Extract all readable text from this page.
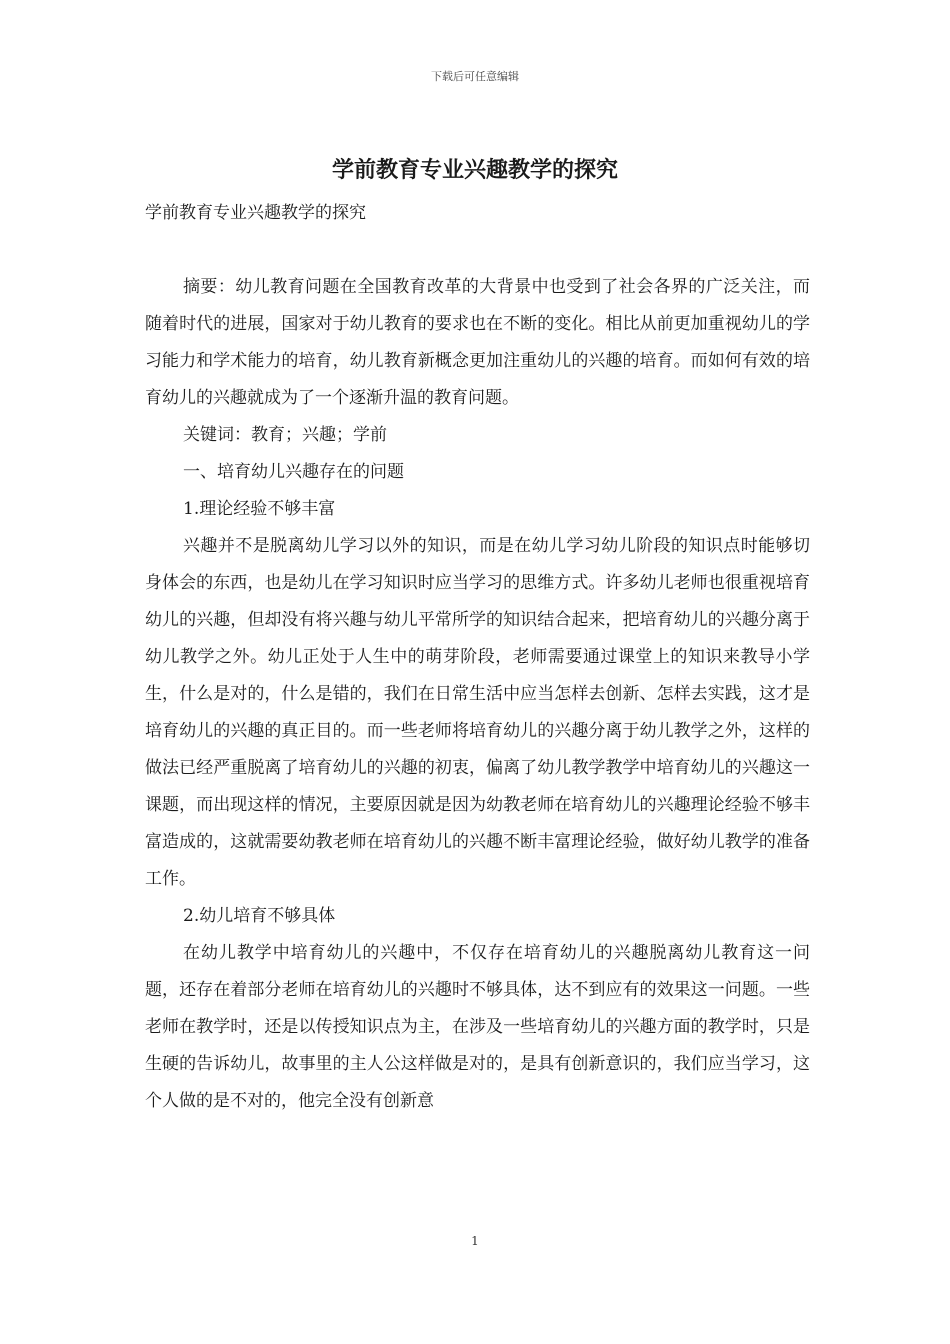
下载后可任意编辑
学前教育专业兴趣教学的探究
学前教育专业兴趣教学的探究

摘要：幼儿教育问题在全国教育改革的大背景中也受到了社会各界的广泛关注，而随着时代的进展，国家对于幼儿教育的要求也在不断的变化。相比从前更加重视幼儿的学习能力和学术能力的培育，幼儿教育新概念更加注重幼儿的兴趣的培育。而如何有效的培育幼儿的兴趣就成为了一个逐渐升温的教育问题。

关键词：教育；兴趣；学前

一、培育幼儿兴趣存在的问题

1.理论经验不够丰富

兴趣并不是脱离幼儿学习以外的知识，而是在幼儿学习幼儿阶段的知识点时能够切身体会的东西，也是幼儿在学习知识时应当学习的思维方式。许多幼儿老师也很重视培育幼儿的兴趣，但却没有将兴趣与幼儿平常所学的知识结合起来，把培育幼儿的兴趣分离于幼儿教学之外。幼儿正处于人生中的萌芽阶段，老师需要通过课堂上的知识来教导小学生，什么是对的，什么是错的，我们在日常生活中应当怎样去创新、怎样去实践，这才是培育幼儿的兴趣的真正目的。而一些老师将培育幼儿的兴趣分离于幼儿教学之外，这样的做法已经严重脱离了培育幼儿的兴趣的初衷，偏离了幼儿教学教学中培育幼儿的兴趣这一课题，而出现这样的情况，主要原因就是因为幼教老师在培育幼儿的兴趣理论经验不够丰富造成的，这就需要幼教老师在培育幼儿的兴趣不断丰富理论经验，做好幼儿教学的准备工作。

2.幼儿培育不够具体

在幼儿教学中培育幼儿的兴趣中，不仅存在培育幼儿的兴趣脱离幼儿教育这一问题，还存在着部分老师在培育幼儿的兴趣时不够具体，达不到应有的效果这一问题。一些老师在教学时，还是以传授知识点为主，在涉及一些培育幼儿的兴趣方面的教学时，只是生硬的告诉幼儿，故事里的主人公这样做是对的，是具有创新意识的，我们应当学习，这个人做的是不对的，他完全没有创新意

1
